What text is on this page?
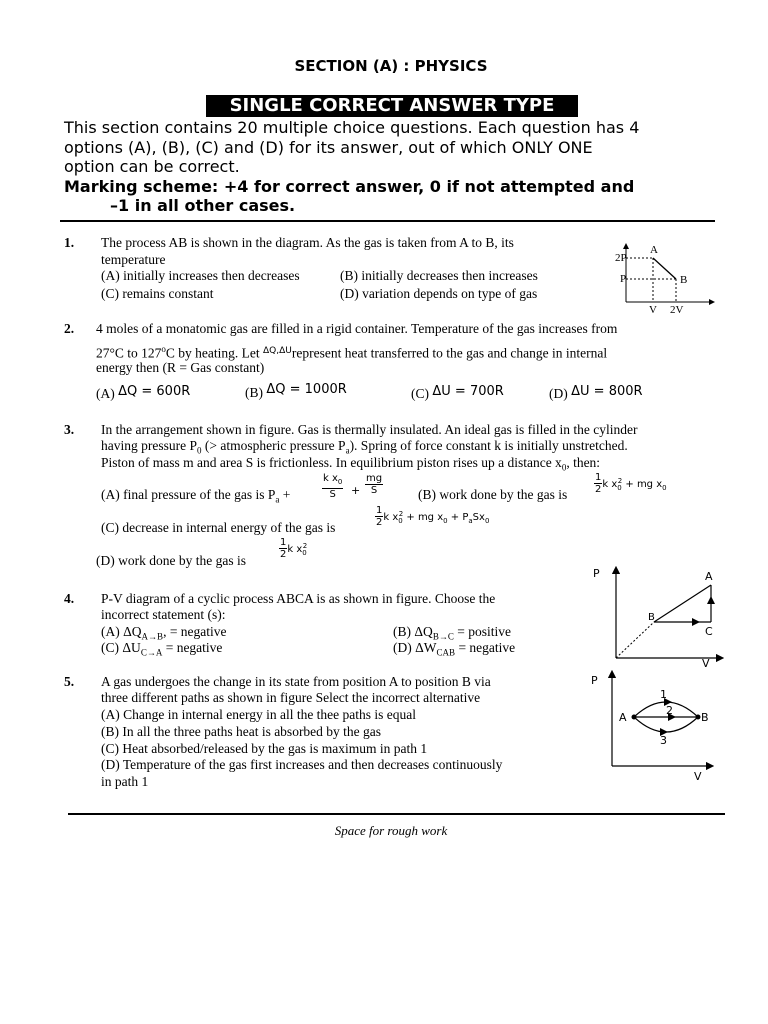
SECTION (A) : PHYSICS
SINGLE CORRECT ANSWER TYPE
This section contains 20 multiple choice questions. Each question has 4
options (A), (B), (C) and (D) for its answer, out of which ONLY ONE
option can be correct.
Marking scheme: +4 for correct answer, 0 if not attempted and
–1 in all other cases.
1. The process AB is shown in the diagram. As the gas is taken from A to B, its
temperature
(A) initially increases then decreases	(B) initially decreases then increases
(C) remains constant	(D) variation depends on type of gas
2P
P
A
B
V 2V
2. 4 moles of a monatomic gas are filled in a rigid container. Temperature of the gas increases from
27°C to 127$^o$C by heating. Let $^{\Delta Q,\Delta U}$represent heat transferred to the gas and change in internal
energy then (R = Gas constant)
(A) ΔQ = 600R	(B) ΔQ = 1000R	(C) ΔU = 700R	(D) ΔU = 800R
3. In the arrangement shown in figure. Gas is thermally insulated. An ideal gas is filled in the cylinder
having pressure $P_0$ (> atmospheric pressure $P_a$). Spring of force constant k is initially unstretched.
Piston of mass m and area S is frictionless. In equilibrium piston rises up a distance $x_0$, then:
(A) final pressure of the gas is $P_a$ +	$\frac{k x_0}{S} + \frac{mg}{S}$	(B) work done by the gas is	$\frac{1}{2}$ k $x_0^2$ + mg $x_0$
(C) decrease in internal energy of the gas is	$\frac{1}{2}$ k $x_0^2$ + mg $x_0 + P_aSx_0$
(D) work done by the gas is
$\frac{1}{2}$ k $x_0^2$
4. P-V diagram of a cyclic process ABCA is as shown in figure. Choose the
incorrect statement (s):
(A) $\Delta Q_{A\to B}$, = negative	(B) $\Delta Q_{B\to C}$ = positive
(C) $\Delta U_{C\to A}$ = negative	(D) $\Delta W_{CAB}$ = negative
P
V
A
B
C
5. A gas undergoes the change in its state from position A to position B via
three different paths as shown in figure Select the incorrect alternative
(A) Change in internal energy in all the thee paths is equal
(B) In all the three paths heat is absorbed by the gas
(C) Heat absorbed/released by the gas is maximum in path 1
(D) Temperature of the gas first increases and then decreases continuously
in path 1
P
V
A	B
1
2
3
Space for rough work
